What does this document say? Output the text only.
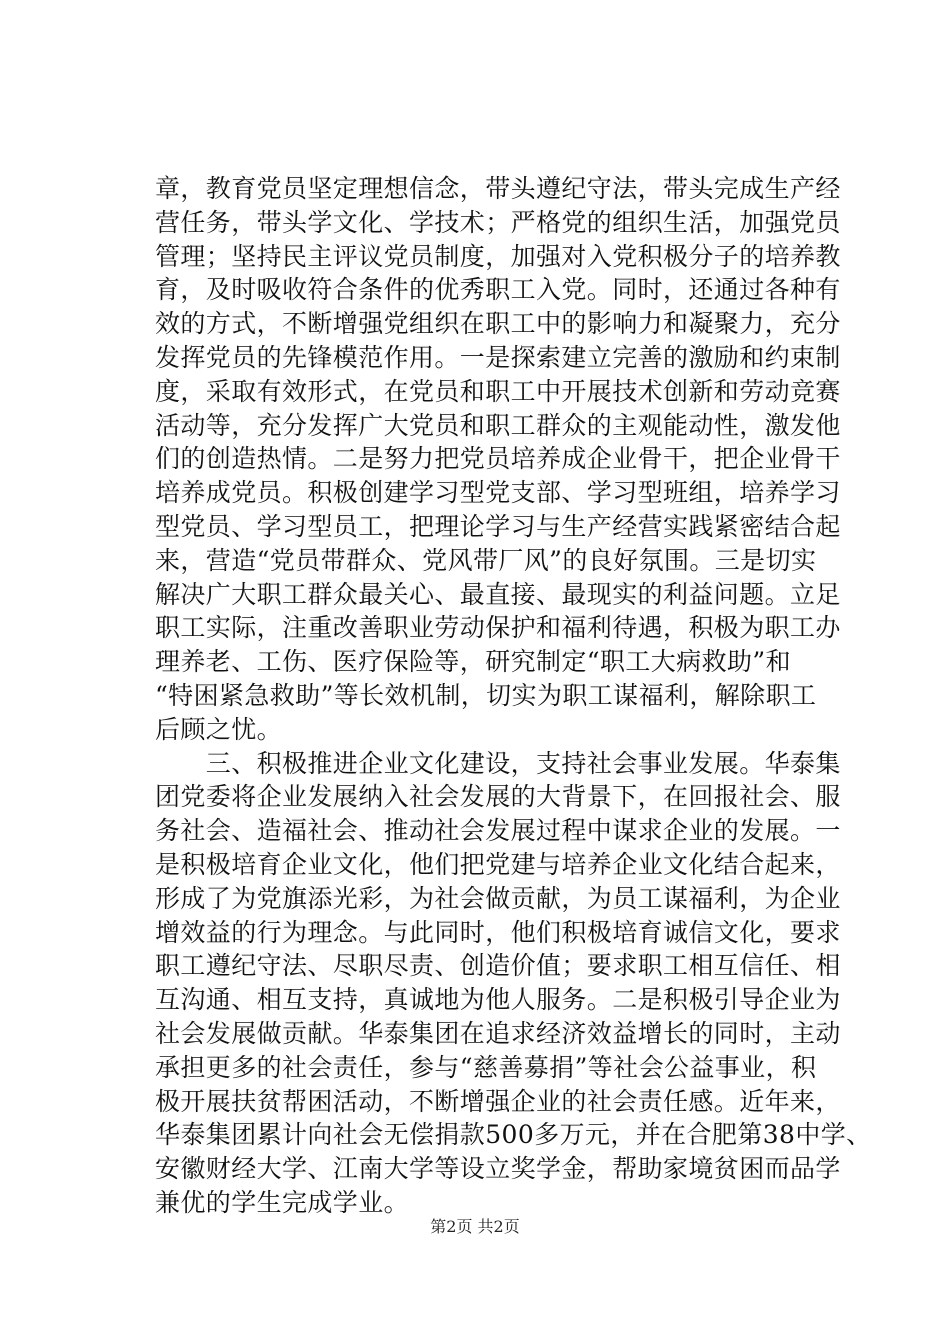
章，教育党员坚定理想信念，带头遵纪守法，带头完成生产经
营任务，带头学文化、学技术；严格党的组织生活，加强党员
管理；坚持民主评议党员制度，加强对入党积极分子的培养教
育，及时吸收符合条件的优秀职工入党。同时，还通过各种有
效的方式，不断增强党组织在职工中的影响力和凝聚力，充分
发挥党员的先锋模范作用。一是探索建立完善的激励和约束制
度，采取有效形式，在党员和职工中开展技术创新和劳动竞赛
活动等，充分发挥广大党员和职工群众的主观能动性，激发他
们的创造热情。二是努力把党员培养成企业骨干，把企业骨干
培养成党员。积极创建学习型党支部、学习型班组，培养学习
型党员、学习型员工，把理论学习与生产经营实践紧密结合起
来，营造“党员带群众、党风带厂风”的良好氛围。三是切实
解决广大职工群众最关心、最直接、最现实的利益问题。立足
职工实际，注重改善职业劳动保护和福利待遇，积极为职工办
理养老、工伤、医疗保险等，研究制定“职工大病救助”和
“特困紧急救助”等长效机制，切实为职工谋福利，解除职工
后顾之忧。
　　三、积极推进企业文化建设，支持社会事业发展。华泰集
团党委将企业发展纳入社会发展的大背景下，在回报社会、服
务社会、造福社会、推动社会发展过程中谋求企业的发展。一
是积极培育企业文化，他们把党建与培养企业文化结合起来，
形成了为党旗添光彩，为社会做贡献，为员工谋福利，为企业
增效益的行为理念。与此同时，他们积极培育诚信文化，要求
职工遵纪守法、尽职尽责、创造价值；要求职工相互信任、相
互沟通、相互支持，真诚地为他人服务。二是积极引导企业为
社会发展做贡献。华泰集团在追求经济效益增长的同时，主动
承担更多的社会责任，参与“慈善募捐”等社会公益事业，积
极开展扶贫帮困活动，不断增强企业的社会责任感。近年来，
华泰集团累计向社会无偿捐款500多万元，并在合肥第38中学、
安徽财经大学、江南大学等设立奖学金，帮助家境贫困而品学
兼优的学生完成学业。
第2页 共2页
